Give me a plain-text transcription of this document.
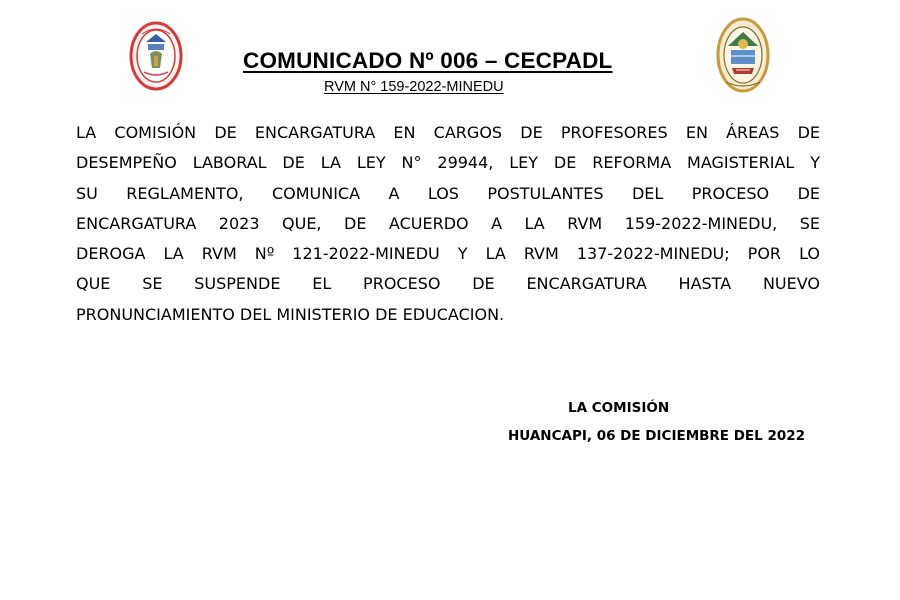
COMUNICADO Nº 006 – CECPADL
RVM N° 159-2022-MINEDU
LA COMISIÓN DE ENCARGATURA EN CARGOS DE PROFESORES EN ÁREAS DE
DESEMPEÑO LABORAL DE LA LEY N° 29944, LEY DE REFORMA MAGISTERIAL Y
SU REGLAMENTO, COMUNICA A LOS POSTULANTES DEL PROCESO DE
ENCARGATURA 2023 QUE, DE ACUERDO A LA RVM 159-2022-MINEDU, SE
DEROGA LA RVM Nº 121-2022-MINEDU Y LA RVM 137-2022-MINEDU; POR LO
QUE SE SUSPENDE EL PROCESO DE ENCARGATURA HASTA NUEVO
PRONUNCIAMIENTO DEL MINISTERIO DE EDUCACION.
LA COMISIÓN
HUANCAPI, 06 DE DICIEMBRE DEL 2022
